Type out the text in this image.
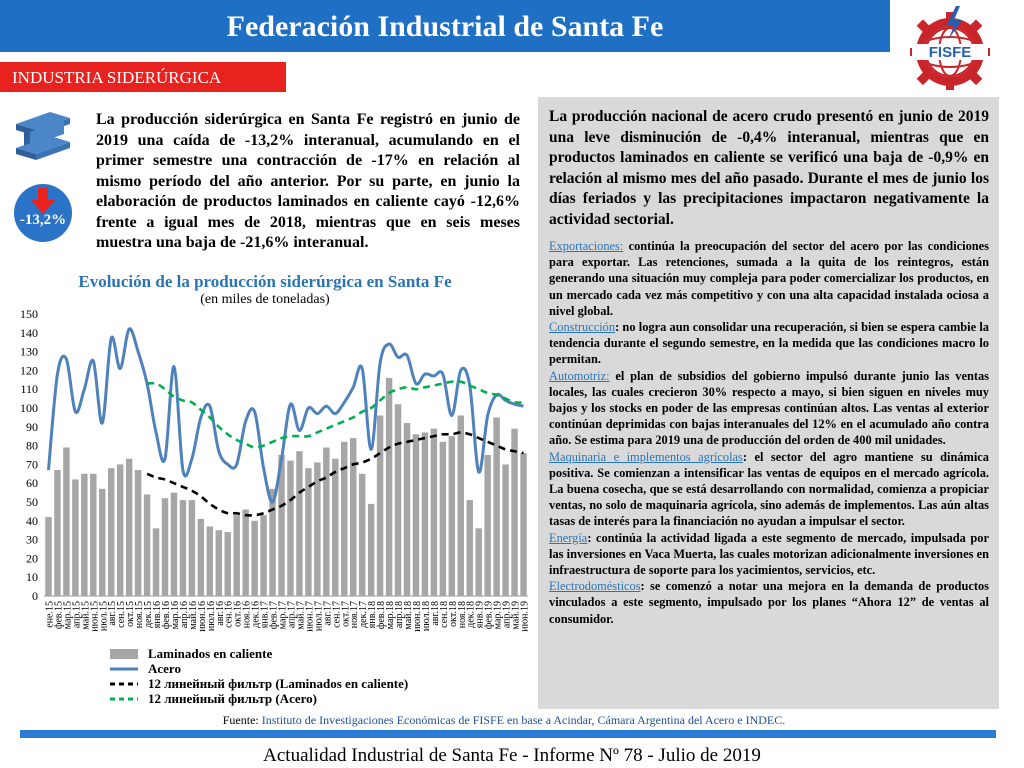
Federación Industrial de Santa Fe
FISFE
INDUSTRIA SIDERÚRGICA
-13,2%
La producción siderúrgica en Santa Fe registró en junio de 2019 una caída de -13,2% interanual, acumulando en el primer semestre una contracción de -17% en relación al mismo período del año anterior. Por su parte, en junio la elaboración de productos laminados en caliente cayó -12,6% frente a igual mes de 2018, mientras que en seis meses muestra una baja de -21,6% interanual.
Evolución de la producción siderúrgica en Santa Fe
(en miles de toneladas)
0
10
20
30
40
50
60
70
80
90
100
110
120
130
140
150
ене.15
фев.15
мар.15
апр.15
май.15
июн.15
июл.15
авг.15
сен.15
окт.15
ноя.15
дек.15
янв.16
фев.16
мар.16
апр.16
май.16
июн.16
июл.16
авг.16
сен.16
окт.16
ноя.16
дек.16
янв.17
фев.17
мар.17
апр.17
май.17
июн.17
июл.17
авг.17
сен.17
окт.17
ноя.17
дек.17
янв.18
фев.18
мар.18
апр.18
май.18
июн.18
июл.18
авг.18
сен.18
окт.18
ноя.18
дек.18
янв.19
фев.19
мар.19
апр.19
май.19
июн.19
Laminados en caliente
Acero
12 линейный фильтр (Laminados en caliente)
12 линейный фильтр (Acero)
La producción nacional de acero crudo presentó en junio de 2019 una leve disminución de -0,4% interanual, mientras que en productos laminados en caliente se verificó una baja de -0,9% en relación al mismo mes del año pasado. Durante el mes de junio los días feriados y las precipitaciones impactaron negativamente la actividad sectorial.
Exportaciones: continúa la preocupación del sector del acero por las condiciones para exportar. Las retenciones, sumada a la quita de los reintegros, están generando una situación muy compleja para poder comercializar los productos, en un mercado cada vez más competitivo y con una alta capacidad instalada ociosa a nivel global.
Construcción: no logra aun consolidar una recuperación, si bien se espera cambie la tendencia durante el segundo semestre, en la medida que las condiciones macro lo permitan.
Automotriz: el plan de subsidios del gobierno impulsó durante junio las ventas locales, las cuales crecieron 30% respecto a mayo, si bien siguen en niveles muy bajos y los stocks en poder de las empresas continúan altos. Las ventas al exterior continúan deprimidas con bajas interanuales del 12% en el acumulado año contra año. Se estima para 2019 una de producción del orden de 400 mil unidades.
Maquinaria e implementos agrícolas: el sector del agro mantiene su dinámica positiva. Se comienzan a intensificar las ventas de equipos en el mercado agrícola. La buena cosecha, que se está desarrollando con normalidad, comienza a propiciar ventas, no solo de maquinaria agrícola, sino además de implementos. Las aún altas tasas de interés para la financiación no ayudan a impulsar el sector.
Energía: continúa la actividad ligada a este segmento de mercado, impulsada por las inversiones en Vaca Muerta, las cuales motorizan adicionalmente inversiones en infraestructura de soporte para los yacimientos, servicios, etc.
Electrodomésticos: se comenzó a notar una mejora en la demanda de productos vinculados a este segmento, impulsado por los planes “Ahora 12” de ventas al consumidor.
Fuente: Instituto de Investigaciones Económicas de FISFE en base a Acindar, Cámara Argentina del Acero e INDEC.
Actualidad Industrial de Santa Fe - Informe Nº 78 - Julio de 2019
